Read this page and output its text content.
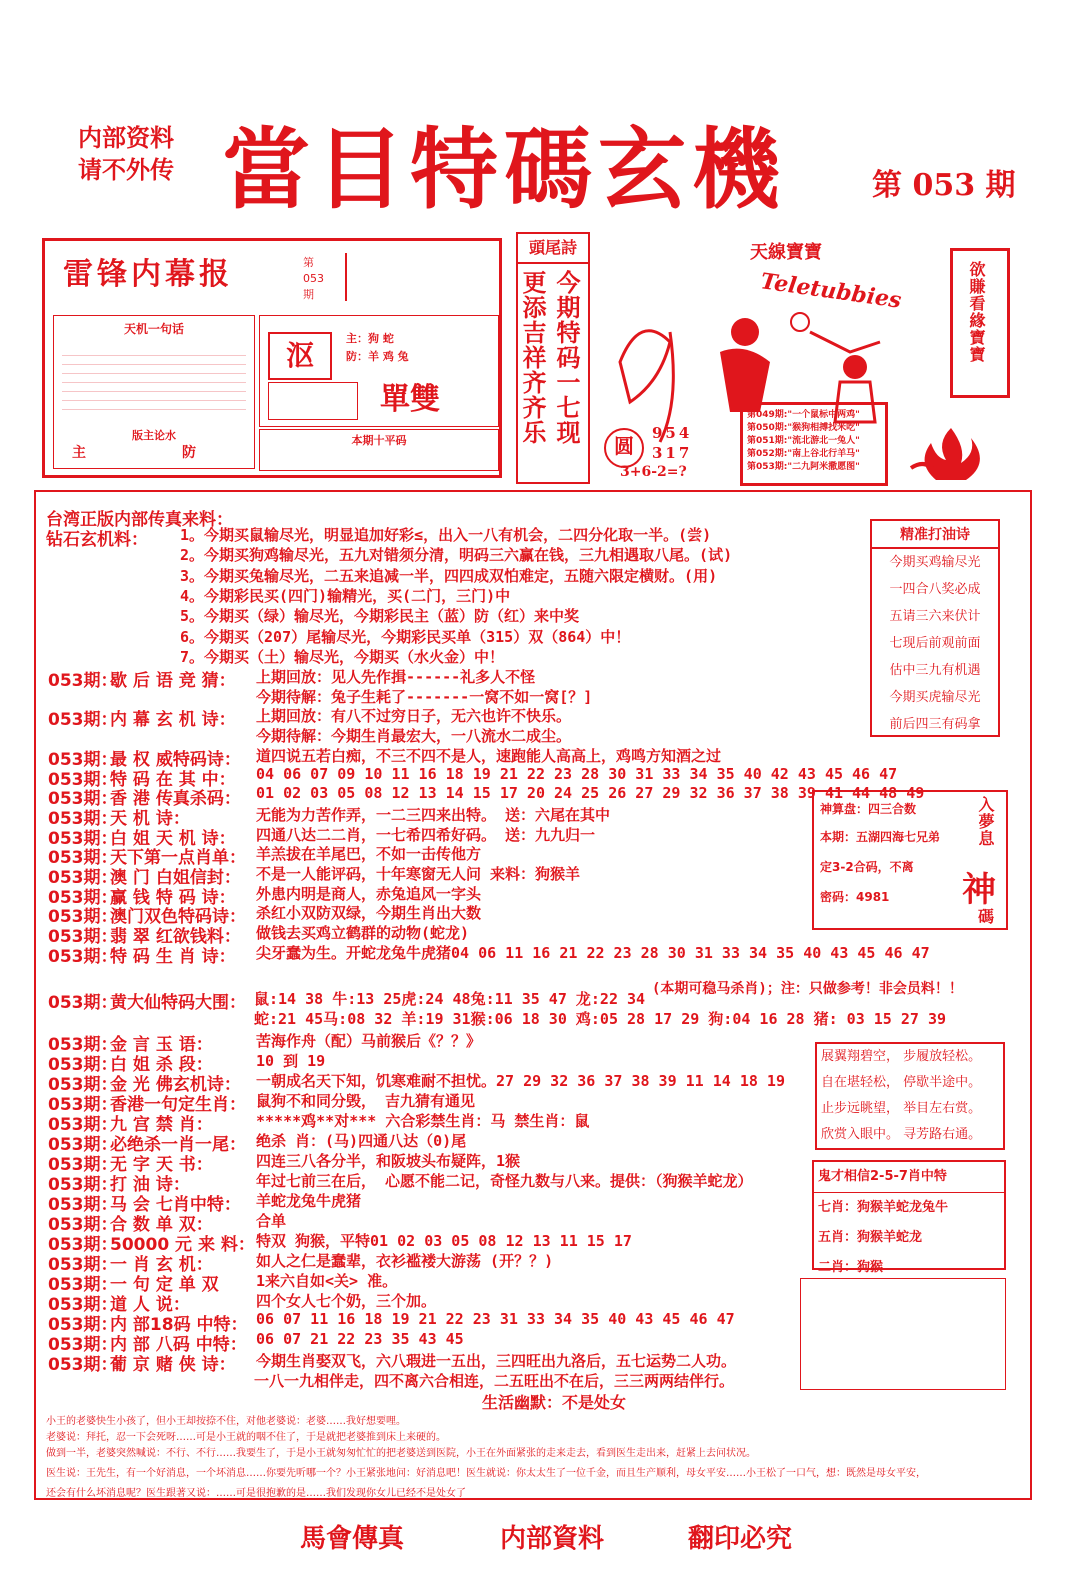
内部资料
请不外传 當目特碼玄機	第 053 期
雷锋内幕报	第053期
天机一句话
版主论水
主	防
沤
主：狗 蛇
防：羊 鸡 兔
單雙
本期十平码
頭尾詩
今期特码一七现
更添吉祥齐齐乐
圆
954
317
3+6-2=?
天線寶寶
Teletubbies	欲賺看緣寶寶
第049期:"一个鼠标中两鸡"
第050期:"猴狗相搏找米吃"
第051期:"流北游北一兔人"
第052期:"南上谷北行羊马"
第053期:"二九阿米撒愿图"
台湾正版内部传真来料：
钻石玄机料： 1。今期买鼠输尽光，明显追加好彩≤，出入一八有机会，二四分化取一半。(尝)
2。今期买狗鸡输尽光，五九对错须分清，明码三六赢在钱，三九相遇取八尾。(试)
3。今期买兔输尽光，二五来追减一半，四四成双怕难定，五随六限定横财。(用)
4。今期彩民买(四门)输精光，买(二门，三门)中
5。今期买（绿）输尽光，今期彩民主（蓝）防（红）来中奖
6。今期买（207）尾输尽光，今期彩民买单（315）双（864）中！
7。今期买（土）输尽光，今期买（水火金）中！
053期：
歇 后 语 竞 猜： 上期回放：见人先作揖------礼多人不怪
今期待解：兔子生耗了-------一窝不如一窝[？]
053期：
内 幕 玄 机 诗： 上期回放：有八不过穷日子，无六也许不快乐。
今期待解：今期生肖最宏大，一八流水二成尘。
053期：
最 权 威特码诗： 道四说五若白痴，不三不四不是人，速跑能人高高上，鸡鸣方知酒之过
053期：
特 码 在 其 中： 04 06 07 09 10 11 16 18 19 21 22 23 28 30 31 33 34 35 40 42 43 45 46 47
053期：
香 港 传真杀码： 01 02 03 05 08 12 13 14 15 17 20 24 25 26 27 29 32 36 37 38 39 41 44 48 49
053期：
天 机 诗：	无能为力苦作弄，一二三四来出特。 送：六尾在其中
053期：
白 姐 天 机 诗： 四通八达二二肖，一七希四希好码。 送：九九归一
053期：
天下第一点肖单： 羊羔拔在羊尾巴，不如一击传他方
053期：
澳 门 白姐信封： 不是一人能评码，十年寒窗无人问 来料：狗猴羊
053期：
赢 钱 特 码 诗： 外患内明是商人，赤兔追风一字头
053期：
澳门双色特码诗： 杀红小双防双绿，今期生肖出大数
053期：
翡 翠 红欲钱料： 做钱去买鸡立鹤群的动物(蛇龙)
053期：
特 码 生 肖 诗： 尖牙蠢为生。开蛇龙兔牛虎猪04 06 11 16 21 22 23 28 30 31 33 34 35 40 43 45 46 47
053期：
黄大仙特码大围：
(本期可稳马杀肖)；注：只做参考！非会员料！！
鼠:14 38 牛:13 25虎:24 48兔:11 35 47 龙:22 34
蛇:21 45马:08 32 羊:19 31猴:06 18 30 鸡:05 28 17 29 狗:04 16 28 猪: 03 15 27 39
053期：
金 言 玉 语：	苦海作舟（配）马前猴后《？？》
053期：
白 姐 杀 段：	10 到 19
053期：
金 光 佛玄机诗： 一朝成名天下知，饥寒难耐不担忧。27 29 32 36 37 38 39 11 14 18 19
053期：
香港一句定生肖： 鼠狗不和同分毁， 吉九猜有通见
053期：
九 宫 禁 肖：	*****鸡**对*** 六合彩禁生肖：马 禁生肖：鼠
053期：
必绝杀一肖一尾： 绝杀 肖：(马)四通八达（0)尾
053期：
无 字 天 书：	四连三八各分半，和阪坡头布疑阵，1猴
053期：
打 油 诗：	年过七前三在后， 心愿不能二记，奇怪九数与八来。提供：（狗猴羊蛇龙）
053期：
马 会 七肖中特： 羊蛇龙兔牛虎猪
053期：
合 数 单 双：	合单
053期：
50000 元 来 料： 特双 狗猴，平特01 02 03 05 08 12 13 11 15 17
053期：
一 肖 玄 机：	如人之仁是蠢辈，衣衫褴褛大游荡 (开？？)
053期：
一 句 定 单 双 1来六自如<关> 准。
053期：
道 人 说：	四个女人七个奶，三个加。
053期：
内 部18码 中特： 06 07 11 16 18 19 21 22 23 31 33 34 35 40 43 45 46 47
053期：
内 部 八码 中特： 06 07 21 22 23 35 43 45
053期：
葡 京 赌 侠 诗： 今期生肖娶双飞，六八瑕进一五出，三四旺出九洛后，五七运势二人功。
一八一九相伴走，四不离六合相连，二五旺出不在后，三三两两结伴行。
生活幽默：不是处女
小王的老婆快生小孩了，但小王却按捺不住，对他老婆说：老婆……我好想要哩。
老婆说：拜托，忍一下会死呀……可是小王就的咽不住了，于是就把老婆推到床上来硬的。
做到一半，老婆突然喊说：不行、不行……我要生了，于是小王就匆匆忙忙的把老婆送到医院，小王在外面紧张的走来走去，看到医生走出来，赶紧上去问状况。
医生说：王先生，有一个好消息，一个坏消息……你要先听哪一个？小王紧张地问：好消息吧！医生就说：你太太生了一位千金，而且生产顺利，母女平安……小王松了一口气，想：既然是母女平安，
还会有什么坏消息呢？医生跟著又说：……可是很抱歉的是……我们发现你女儿已经不是处女了
精准打油诗
今期买鸡输尽光
一四合八奖必成
五请三六来伏计
七现后前观前面
估中三九有机遇
今期买虎输尽光
前后四三有码拿
神算盘：四三合数
本期：五湖四海七兄弟
定3-2合码，不离
密码：4981
入夢息
神
碼
展翼翔碧空， 步履放轻松。
自在堪轻松， 停歇半途中。
止步远眺望， 举目左右赏。
欣赏入眼中。 寻芳路右通。
鬼才相信2-5-7肖中特
七肖：狗猴羊蛇龙兔牛
五肖：狗猴羊蛇龙
二肖：狗猴
馬會傳真	内部資料	翻印必究
